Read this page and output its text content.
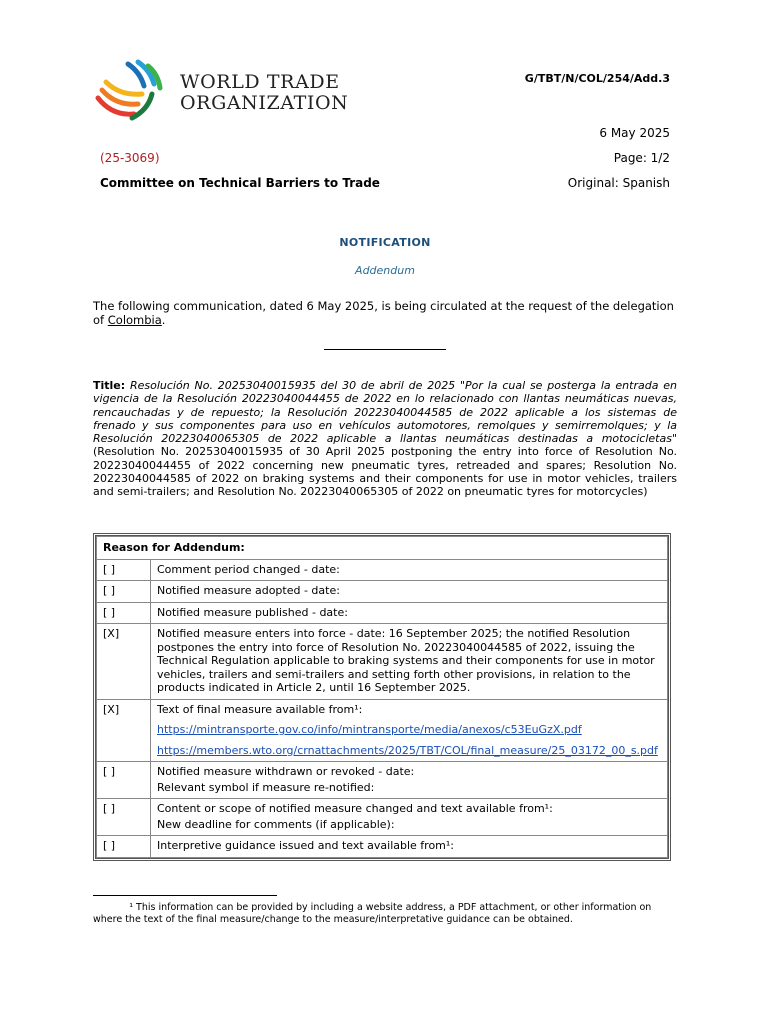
WORLD TRADE
ORGANIZATION
G/TBT/N/COL/254/Add.3
6 May 2025
(25-3069)	Page: 1/2
Committee on Technical Barriers to Trade	Original: Spanish
NOTIFICATION
Addendum
The following communication, dated 6 May 2025, is being circulated at the request of the delegation of Colombia.
Title: Resolución No. 20253040015935 del 30 de abril de 2025 "Por la cual se posterga la entrada en vigencia de la Resolución 20223040044455 de 2022 en lo relacionado con llantas neumáticas nuevas, rencauchadas y de repuesto; la Resolución 20223040044585 de 2022 aplicable a los sistemas de frenado y sus componentes para uso en vehículos automotores, remolques y semirremolques; y la Resolución 20223040065305 de 2022 aplicable a llantas neumáticas destinadas a motocicletas" (Resolution No. 20253040015935 of 30 April 2025 postponing the entry into force of Resolution No. 20223040044455 of 2022 concerning new pneumatic tyres, retreaded and spares; Resolution No. 20223040044585 of 2022 on braking systems and their components for use in motor vehicles, trailers and semi-trailers; and Resolution No. 20223040065305 of 2022 on pneumatic tyres for motorcycles)
Reason for Addendum:	
[ ]	Comment period changed - date:
[ ]	Notified measure adopted - date:
[ ]	Notified measure published - date:
[X]	Notified measure enters into force - date: 16 September 2025; the notified Resolution postpones the entry into force of Resolution No. 20223040044585 of 2022, issuing the Technical Regulation applicable to braking systems and their components for use in motor vehicles, trailers and semi-trailers and setting forth other provisions, in relation to the products indicated in Article 2, until 16 September 2025.
[X]	Text of final measure available from¹:

https://mintransporte.gov.co/info/mintransporte/media/anexos/c53EuGzX.pdf

https://members.wto.org/crnattachments/2025/TBT/COL/final_measure/25_03172_00_s.pdf

[ ]	Notified measure withdrawn or revoked - date:

Relevant symbol if measure re-notified:

[ ]	Content or scope of notified measure changed and text available from¹:

New deadline for comments (if applicable):

[ ]	Interpretive guidance issued and text available from¹:
¹ This information can be provided by including a website address, a PDF attachment, or other information on where the text of the final measure/change to the measure/interpretative guidance can be obtained.
